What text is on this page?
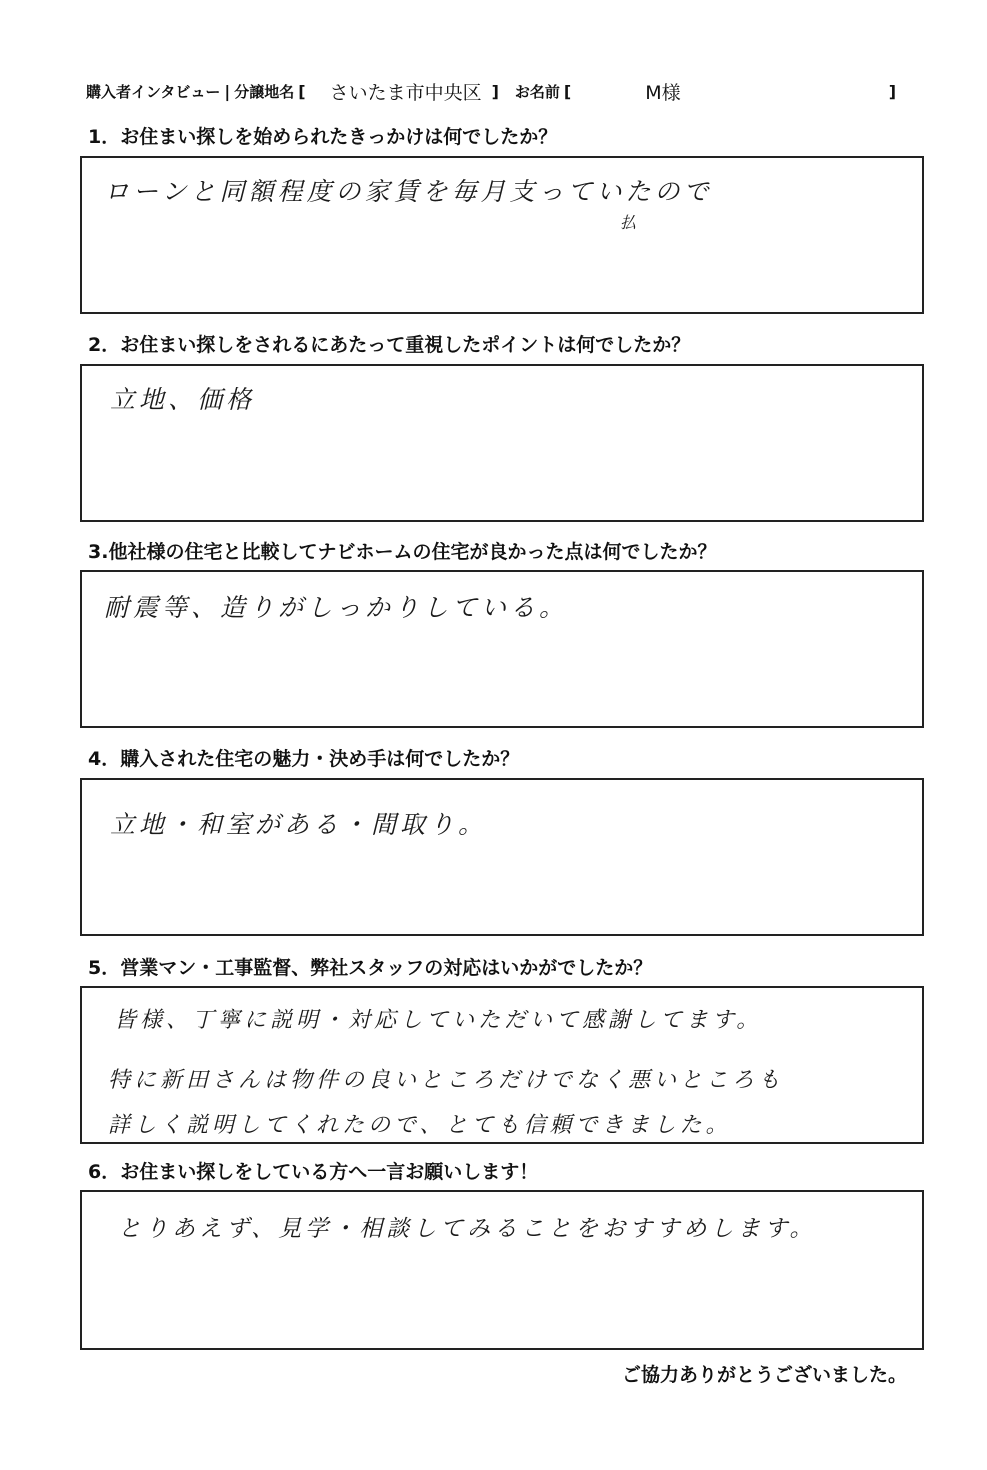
購入者インタビュー | 分譲地名 [ さいたま市中央区 ] お名前 [	M様	]
1．お住まい探しを始められたきっかけは何でしたか？
ローンと同額程度の家賃を毎月支っていたので
払
2．お住まい探しをされるにあたって重視したポイントは何でしたか？
立地、価格
3.他社様の住宅と比較してナビホームの住宅が良かった点は何でしたか？
耐震等、造りがしっかりしている。
4．購入された住宅の魅力・決め手は何でしたか？
立地・和室がある・間取り。
5．営業マン・工事監督、弊社スタッフの対応はいかがでしたか？
皆様、丁寧に説明・対応していただいて感謝してます。
特に新田さんは物件の良いところだけでなく悪いところも
詳しく説明してくれたので、とても信頼できました。
6．お住まい探しをしている方へ一言お願いします！
とりあえず、見学・相談してみることをおすすめします。
ご協力ありがとうございました。
